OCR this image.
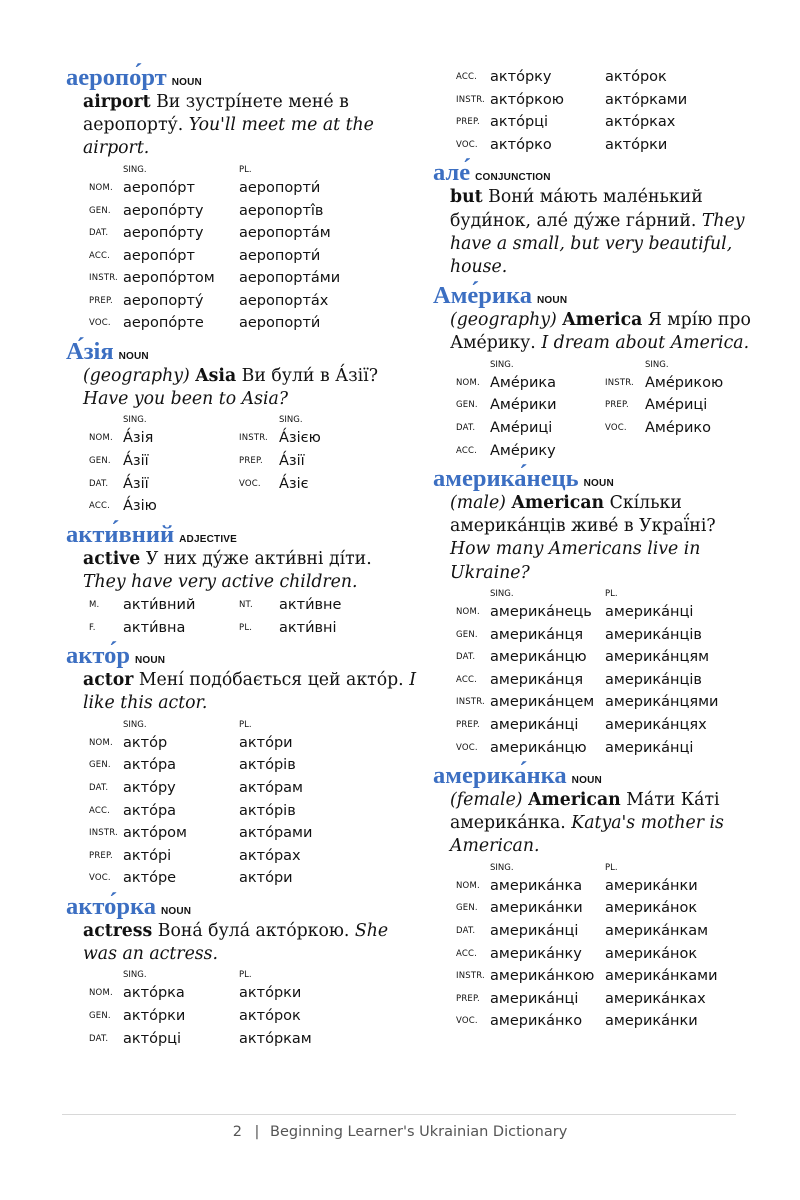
аеропо́рт NOUN
airport Ви зустрі́нете мене́ в аеропорту́. You'll meet me at the airport.
	SING.	PL.
NOM.	аеропо́рт	аеропорти́
GEN.	аеропо́рту	аеропорті̂в
DAT.	аеропо́рту	аеропорта́м
ACC.	аеропо́рт	аеропорти́
INSTR.	аеропо́ртом	аеропорта́ми
PREP.	аеропорту́	аеропорта́х
VOC.	аеропо́рте	аеропорти́
А́зія NOUN
(geography) Asia Ви були́ в А́зії? Have you been to Asia?
	SING.		SING.
NOM.	А́зія	INSTR.	А́зією
GEN.	А́зії	PREP.	А́зії
DAT.	А́зії	VOC.	А́зіє
ACC.	А́зію		
акти́вний ADJECTIVE
active У них ду́же акти́вні ді́ти. They have very active children.
M.	акти́вний	NT.	акти́вне
F.	акти́вна	PL.	акти́вні
акто́р NOUN
actor Мені́ подо́бається цей акто́р. I like this actor.
	SING.	PL.
NOM.	акто́р	акто́ри
GEN.	акто́ра	акто́рів
DAT.	акто́ру	акто́рам
ACC.	акто́ра	акто́рів
INSTR.	акто́ром	акто́рами
PREP.	акто́рі	акто́рах
VOC.	акто́ре	акто́ри
акто́рка NOUN
actress Вона́ була́ акто́ркою. She was an actress.
	SING.	PL.
NOM.	акто́рка	акто́рки
GEN.	акто́рки	акто́рок
DAT.	акто́рці	акто́ркам
ACC.	акто́рку	акто́рок
INSTR.	акто́ркою	акто́рками
PREP.	акто́рці	акто́рках
VOC.	акто́рко	акто́рки
але́ CONJUNCTION
but Вони́ ма́ють мале́нький буди́нок, але́ ду́же га́рний. They have a small, but very beautiful, house.
Аме́рика NOUN
(geography) America Я мрі́ю про Аме́рику. I dream about America.
	SING.		SING.
NOM.	Аме́рика	INSTR.	Аме́рикою
GEN.	Аме́рики	PREP.	Аме́риці
DAT.	Аме́риці	VOC.	Аме́рико
ACC.	Аме́рику		
америка́нець NOUN
(male) American Скі́льки америка́нців живе́ в Украї́ні? How many Americans live in Ukraine?
	SING.	PL.
NOM.	америка́нець	америка́нці
GEN.	америка́нця	америка́нців
DAT.	америка́нцю	америка́нцям
ACC.	америка́нця	америка́нців
INSTR.	америка́нцем	америка́нцями
PREP.	америка́нці	америка́нцях
VOC.	америка́нцю	америка́нці
америка́нка NOUN
(female) American Ма́ти Ка́ті америка́нка. Katya's mother is American.
	SING.	PL.
NOM.	америка́нка	америка́нки
GEN.	америка́нки	америка́нок
DAT.	америка́нці	америка́нкам
ACC.	америка́нку	америка́нок
INSTR.	америка́нкою	америка́нками
PREP.	америка́нці	америка́нках
VOC.	америка́нко	америка́нки
2 | Beginning Learner's Ukrainian Dictionary
